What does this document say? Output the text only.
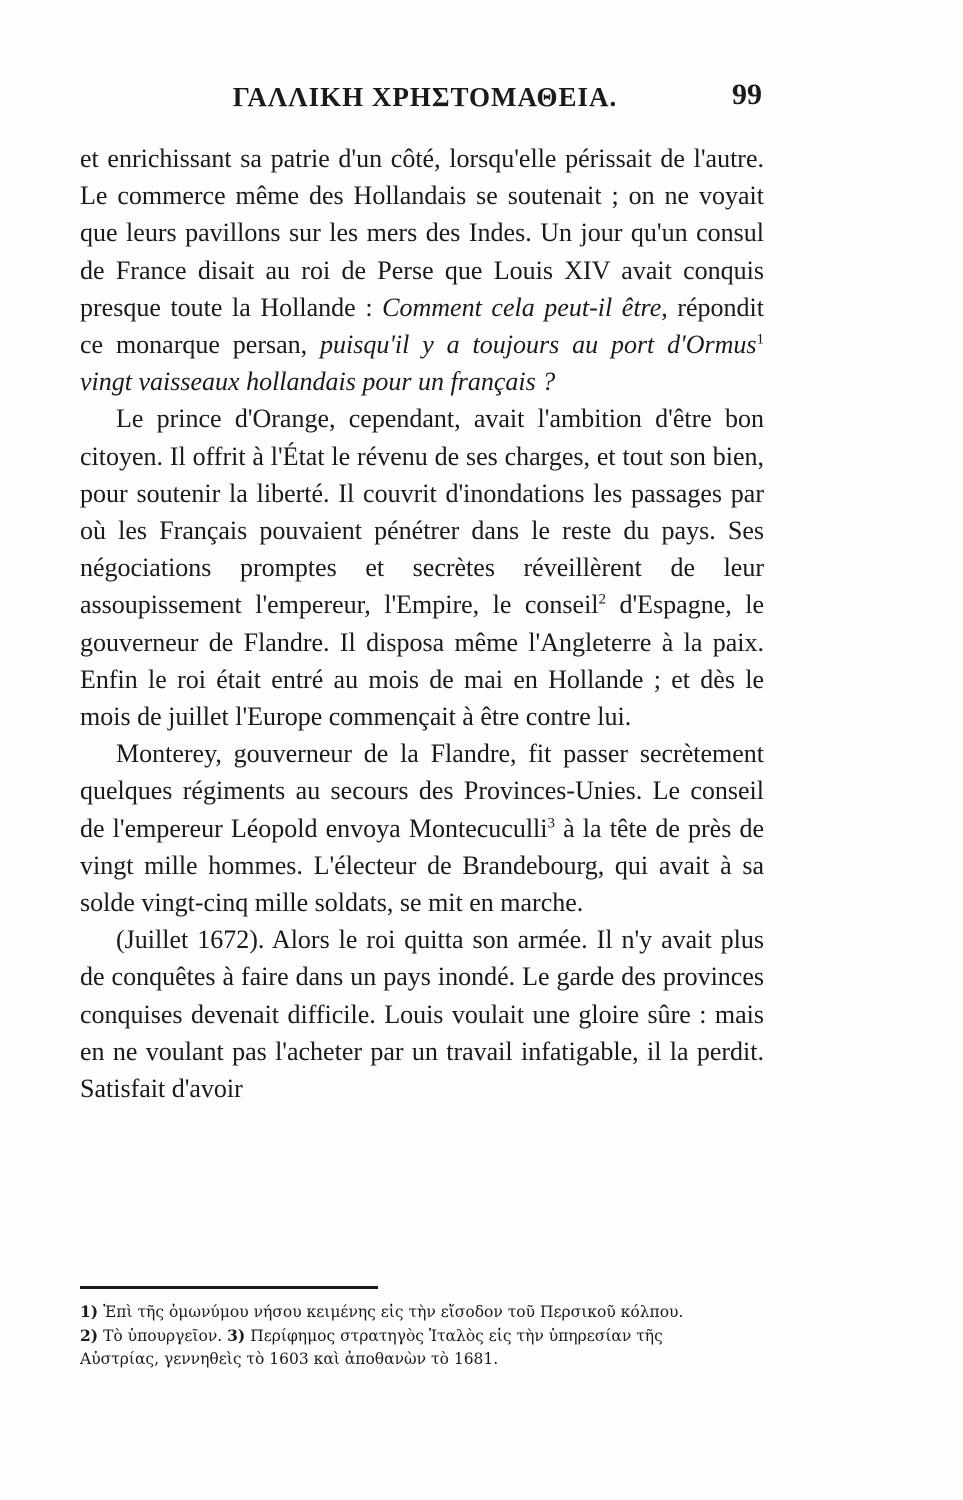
ΓΑΛΛΙΚΗ ΧΡΗΣΤΟΜΑΘΕΙΑ.	99

et enrichissant sa patrie d'un côté, lorsqu'elle périssait de l'autre. Le commerce même des Hollandais se soutenait ; on ne voyait que leurs pavillons sur les mers des Indes. Un jour qu'un consul de France disait au roi de Perse que Louis XIV avait conquis presque toute la Hollande : Comment cela peut-il être, répondit ce monarque persan, puisqu'il y a toujours au port d'Ormus$^1$ vingt vaisseaux hollandais pour un français ?

Le prince d'Orange, cependant, avait l'ambition d'être bon citoyen. Il offrit à l'État le révenu de ses charges, et tout son bien, pour soutenir la liberté. Il couvrit d'inondations les passages par où les Français pouvaient pénétrer dans le reste du pays. Ses négociations promptes et secrètes réveillèrent de leur assoupissement l'empereur, l'Empire, le conseil$^2$ d'Espagne, le gouverneur de Flandre. Il disposa même l'Angleterre à la paix. Enfin le roi était entré au mois de mai en Hollande ; et dès le mois de juillet l'Europe commençait à être contre lui.

Monterey, gouverneur de la Flandre, fit passer secrètement quelques régiments au secours des Provinces-Unies. Le conseil de l'empereur Léopold envoya Montecuculli$^3$ à la tête de près de vingt mille hommes. L'électeur de Brandebourg, qui avait à sa solde vingt-cinq mille soldats, se mit en marche.

(Juillet 1672). Alors le roi quitta son armée. Il n'y avait plus de conquêtes à faire dans un pays inondé. Le garde des provinces conquises devenait difficile. Louis voulait une gloire sûre : mais en ne voulant pas l'acheter par un travail infatigable, il la perdit. Satisfait d'avoir

1) Ἐπὶ τῆς ὁμωνύμου νήσου κειμένης εἰς τὴν εἴσοδον τοῦ Περσικοῦ κόλπου.
2) Τὸ ὑπουργεῖον. 3) Περίφημος στρατηγὸς Ἰταλὸς εἰς τὴν ὑπηρεσίαν τῆς
Αὐστρίας, γεννηθεὶς τὸ 1603 καὶ ἀποθανὼν τὸ 1681.
